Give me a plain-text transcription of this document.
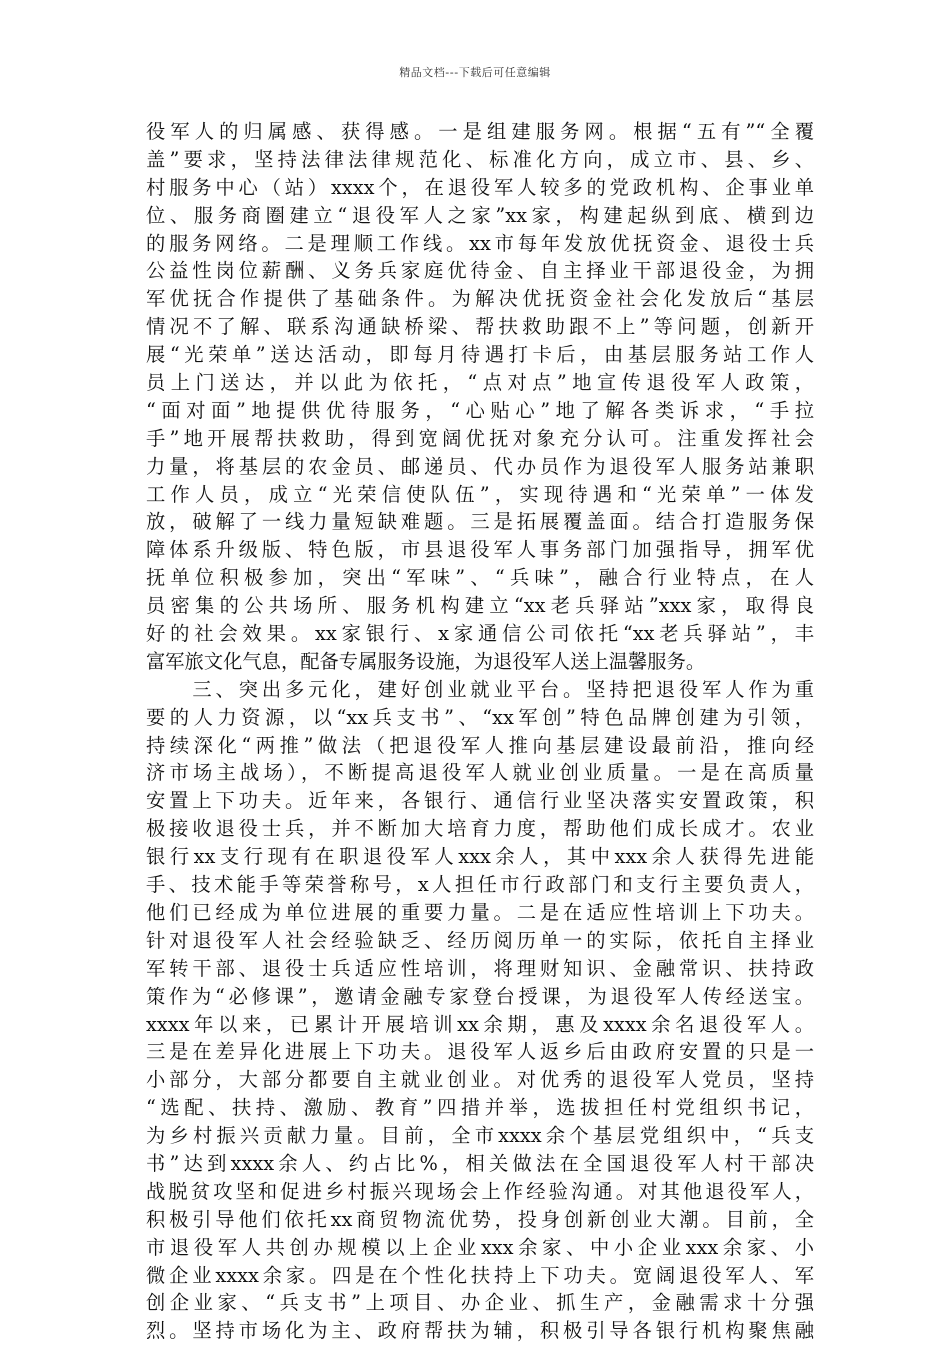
精品文档---下载后可任意编辑
役军人的归属感、获得感。一是组建服务网。根据“五有”“全覆
盖”要求，坚持法律法律规范化、标准化方向，成立市、县、乡、
村服务中心（站）xxxx个，在退役军人较多的党政机构、企事业单
位、服务商圈建立“退役军人之家”xx家，构建起纵到底、横到边
的服务网络。二是理顺工作线。xx市每年发放优抚资金、退役士兵
公益性岗位薪酬、义务兵家庭优待金、自主择业干部退役金，为拥
军优抚合作提供了基础条件。为解决优抚资金社会化发放后“基层
情况不了解、联系沟通缺桥梁、帮扶救助跟不上”等问题，创新开
展“光荣单”送达活动，即每月待遇打卡后，由基层服务站工作人
员上门送达，并以此为依托，“点对点”地宣传退役军人政策，
“面对面”地提供优待服务，“心贴心”地了解各类诉求，“手拉
手”地开展帮扶救助，得到宽阔优抚对象充分认可。注重发挥社会
力量，将基层的农金员、邮递员、代办员作为退役军人服务站兼职
工作人员，成立“光荣信使队伍”，实现待遇和“光荣单”一体发
放，破解了一线力量短缺难题。三是拓展覆盖面。结合打造服务保
障体系升级版、特色版，市县退役军人事务部门加强指导，拥军优
抚单位积极参加，突出“军味”、“兵味”，融合行业特点，在人
员密集的公共场所、服务机构建立“xx老兵驿站”xxx家，取得良
好的社会效果。xx家银行、x家通信公司依托“xx老兵驿站”，丰
富军旅文化气息，配备专属服务设施，为退役军人送上温馨服务。
　　三、突出多元化，建好创业就业平台。坚持把退役军人作为重
要的人力资源，以“xx兵支书”、“xx军创”特色品牌创建为引领，
持续深化“两推”做法（把退役军人推向基层建设最前沿，推向经
济市场主战场），不断提高退役军人就业创业质量。一是在高质量
安置上下功夫。近年来，各银行、通信行业坚决落实安置政策，积
极接收退役士兵，并不断加大培育力度，帮助他们成长成才。农业
银行xx支行现有在职退役军人xxx余人，其中xxx余人获得先进能
手、技术能手等荣誉称号，x人担任市行政部门和支行主要负责人，
他们已经成为单位进展的重要力量。二是在适应性培训上下功夫。
针对退役军人社会经验缺乏、经历阅历单一的实际，依托自主择业
军转干部、退役士兵适应性培训，将理财知识、金融常识、扶持政
策作为“必修课”，邀请金融专家登台授课，为退役军人传经送宝。
xxxx年以来，已累计开展培训xx余期，惠及xxxx余名退役军人。
三是在差异化进展上下功夫。退役军人返乡后由政府安置的只是一
小部分，大部分都要自主就业创业。对优秀的退役军人党员，坚持
“选配、扶持、激励、教育”四措并举，选拔担任村党组织书记，
为乡村振兴贡献力量。目前，全市xxxx余个基层党组织中，“兵支
书”达到xxxx余人、约占比%，相关做法在全国退役军人村干部决
战脱贫攻坚和促进乡村振兴现场会上作经验沟通。对其他退役军人，
积极引导他们依托xx商贸物流优势，投身创新创业大潮。目前，全
市退役军人共创办规模以上企业xxx余家、中小企业xxx余家、小
微企业xxxx余家。四是在个性化扶持上下功夫。宽阔退役军人、军
创企业家、“兵支书”上项目、办企业、抓生产，金融需求十分强
烈。坚持市场化为主、政府帮扶为辅，积极引导各银行机构聚焦融
